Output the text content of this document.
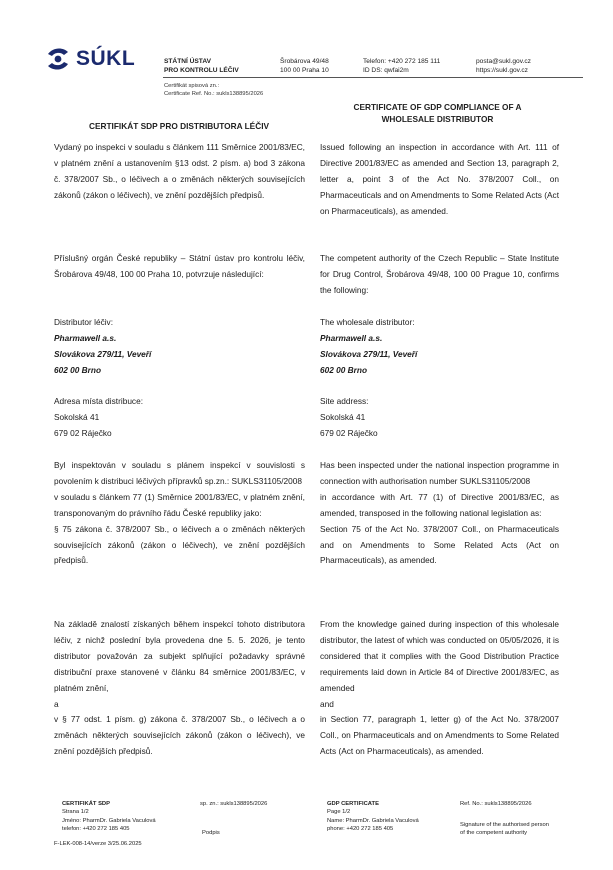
SÚKL	STÁTNÍ ÚSTAV
PRO KONTROLU LÉČIV
Šrobárova 49/48
100 00 Praha 10
Telefon: +420 272 185 111
ID DS: qwfai2m
posta@sukl.gov.cz
https://sukl.gov.cz
Certifikát spisová zn.:
Certificate Ref. No.: sukls138895/2026
CERTIFIKÁT SDP PRO DISTRIBUTORA LÉČIV
CERTIFICATE OF GDP COMPLIANCE OF A
WHOLESALE DISTRIBUTOR
Vydaný po inspekci v souladu s článkem 111 Směrnice 2001/83/EC, v platném znění a ustanovením §13 odst. 2 písm. a) bod 3 zákona č. 378/2007 Sb., o léčivech a o změnách některých souvisejících zákonů (zákon o léčivech), ve znění pozdějších předpisů.
Příslušný orgán České republiky – Státní ústav pro kontrolu léčiv, Šrobárova 49/48, 100 00 Praha 10, potvrzuje následující:
Distributor léčiv:
Pharmawell a.s.
Slovákova 279/11, Veveří
602 00 Brno
Adresa místa distribuce:
Sokolská 41
679 02 Ráječko
Byl inspektován v souladu s plánem inspekcí v souvislosti s povolením k distribuci léčivých přípravků sp.zn.: SUKLS31105/2008
v souladu s článkem 77 (1) Směrnice 2001/83/EC, v platném znění, transponovaným do právního řádu České republiky jako:
§ 75 zákona č. 378/2007 Sb., o léčivech a o změnách některých souvisejících zákonů (zákon o léčivech), ve znění pozdějších předpisů.
Na základě znalostí získaných během inspekcí tohoto distributora léčiv, z nichž poslední byla provedena dne 5. 5. 2026, je tento distributor považován za subjekt splňující požadavky správné distribuční praxe stanovené v článku 84 směrnice 2001/83/EC, v platném znění,
a
v § 77 odst. 1 písm. g) zákona č. 378/2007 Sb., o léčivech a o změnách některých souvisejících zákonů (zákon o léčivech), ve znění pozdějších předpisů.
Issued following an inspection in accordance with Art. 111 of Directive 2001/83/EC as amended and Section 13, paragraph 2, letter a, point 3 of the Act No. 378/2007 Coll., on Pharmaceuticals and on Amendments to Some Related Acts (Act on Pharmaceuticals), as amended.
The competent authority of the Czech Republic – State Institute for Drug Control, Šrobárova 49/48, 100 00 Prague 10, confirms the following:
The wholesale distributor:
Pharmawell a.s.
Slovákova 279/11, Veveří
602 00 Brno
Site address:
Sokolská 41
679 02 Ráječko
Has been inspected under the national inspection programme in connection with authorisation number SUKLS31105/2008
in accordance with Art. 77 (1) of Directive 2001/83/EC, as amended, transposed in the following national legislation as:
Section 75 of the Act No. 378/2007 Coll., on Pharmaceuticals and on Amendments to Some Related Acts (Act on Pharmaceuticals), as amended.
From the knowledge gained during inspection of this wholesale distributor, the latest of which was conducted on 05/05/2026, it is considered that it complies with the Good Distribution Practice requirements laid down in Article 84 of Directive 2001/83/EC, as amended
and
in Section 77, paragraph 1, letter g) of the Act No. 378/2007 Coll., on Pharmaceuticals and on Amendments to Some Related Acts (Act on Pharmaceuticals), as amended.
CERTIFIKÁT SDP
Strana 1/2
Jméno: PharmDr. Gabriela Vaculová
telefon: +420 272 185 405
sp. zn.: sukls138895/2026
Podpis
F-LEK-008-14/verze 3/25.06.2025
GDP CERTIFICATE
Page 1/2
Name: PharmDr. Gabriela Vaculová
phone: +420 272 185 405
Ref. No.: sukls138895/2026
Signature of the authorised person
of the competent authority
